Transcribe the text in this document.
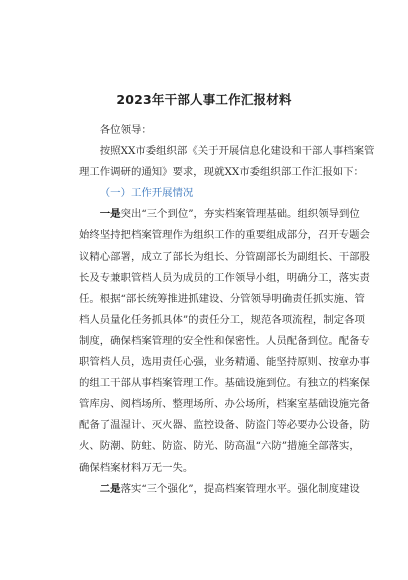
2023年干部人事工作汇报材料
各位领导：
按照XX市委组织部《关于开展信息化建设和干部人事档案管
理工作调研的通知》要求，现就XX市委组织部工作汇报如下：
（一）工作开展情况
一是突出“三个到位”，夯实档案管理基础。组织领导到位
始终坚持把档案管理作为组织工作的重要组成部分，召开专题会
议精心部署，成立了部长为组长、分管副部长为副组长、干部股
长及专兼职管档人员为成员的工作领导小组，明确分工，落实责
任。根据“部长统筹推进抓建设、分管领导明确责任抓实施、管
档人员量化任务抓具体”的责任分工，规范各项流程，制定各项
制度，确保档案管理的安全性和保密性。人员配备到位。配备专
职管档人员，选用责任心强，业务精通、能坚持原则、按章办事
的组工干部从事档案管理工作。基础设施到位。有独立的档案保
管库房、阅档场所、整理场所、办公场所，档案室基础设施完备
配备了温湿计、灭火器、监控设备、防盗门等必要办公设备，防
火、防潮、防蛀、防盗、防光、防高温“六防”措施全部落实，
确保档案材料万无一失。
二是落实“三个强化”，提高档案管理水平。强化制度建设
